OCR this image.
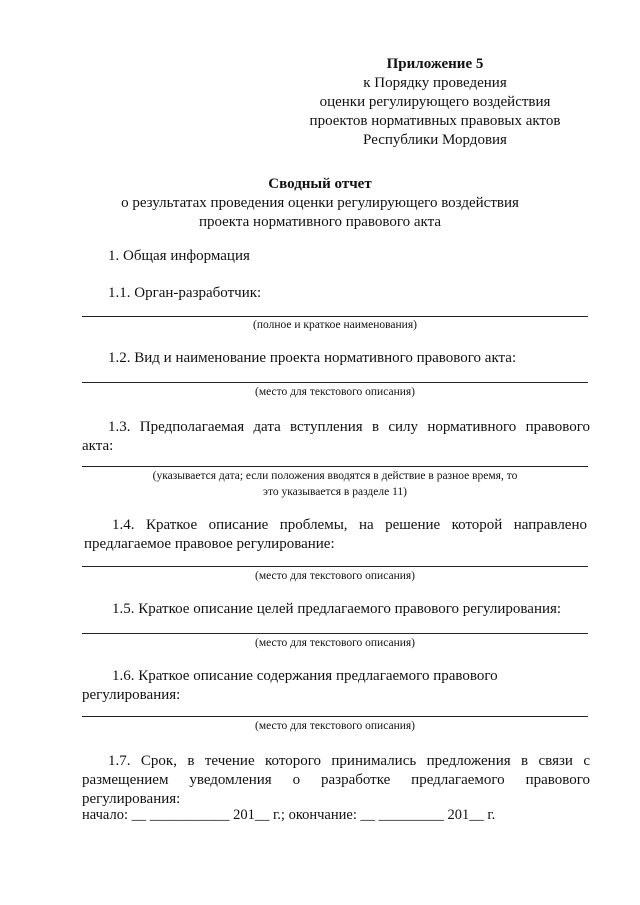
Приложение 5
к Порядку проведения
оценки регулирующего воздействия
проектов нормативных правовых актов
Республики Мордовия
Сводный отчет
о результатах проведения оценки регулирующего воздействия
проекта нормативного правового акта
1. Общая информация
1.1. Орган-разработчик:
(полное и краткое наименования)
1.2. Вид и наименование проекта нормативного правового акта:
(место для текстового описания)
1.3. Предполагаемая дата вступления в силу нормативного правового
акта:
(указывается дата; если положения вводятся в действие в разное время, то
это указывается в разделе 11)
1.4. Краткое описание проблемы, на решение которой направлено
предлагаемое правовое регулирование:
(место для текстового описания)
1.5. Краткое описание целей предлагаемого правового регулирования:
(место для текстового описания)
1.6. Краткое описание содержания предлагаемого правового
регулирования:
(место для текстового описания)
1.7. Срок, в течение которого принимались предложения в связи с
размещением уведомления о разработке предлагаемого правового
регулирования:
начало: __ ___________ 201__ г.; окончание: __ _________ 201__ г.
